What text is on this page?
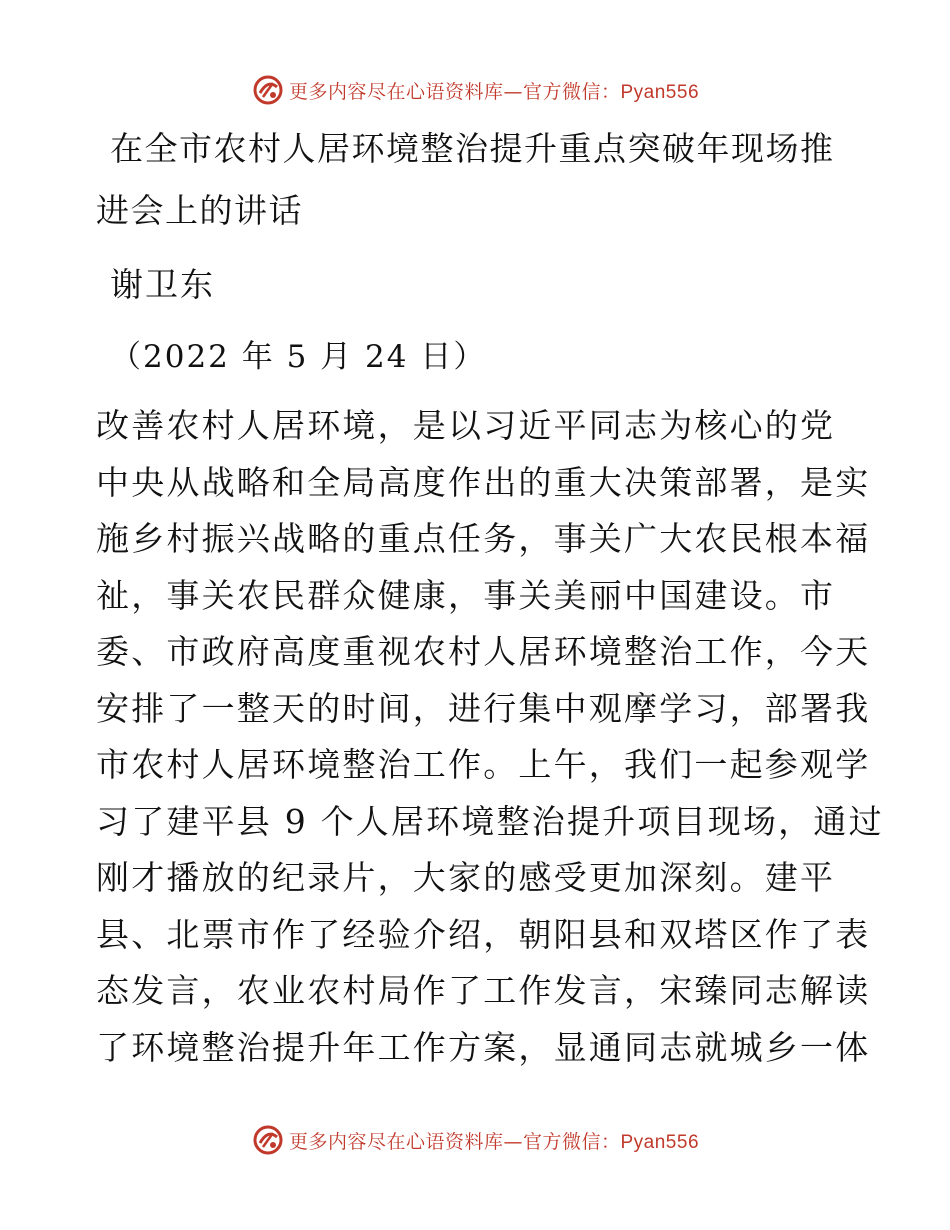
更多内容尽在心语资料库—官方微信：Pyan556
在全市农村人居环境整治提升重点突破年现场推
进会上的讲话

谢卫东

（2022 年 5 月 24 日）

改善农村人居环境，是以习近平同志为核心的党
中央从战略和全局高度作出的重大决策部署，是实
施乡村振兴战略的重点任务，事关广大农民根本福
祉，事关农民群众健康，事关美丽中国建设。市
委、市政府高度重视农村人居环境整治工作，今天
安排了一整天的时间，进行集中观摩学习，部署我
市农村人居环境整治工作。上午，我们一起参观学
习了建平县 9 个人居环境整治提升项目现场，通过
刚才播放的纪录片，大家的感受更加深刻。建平
县、北票市作了经验介绍，朝阳县和双塔区作了表
态发言，农业农村局作了工作发言，宋臻同志解读
了环境整治提升年工作方案，显通同志就城乡一体
更多内容尽在心语资料库—官方微信：Pyan556
